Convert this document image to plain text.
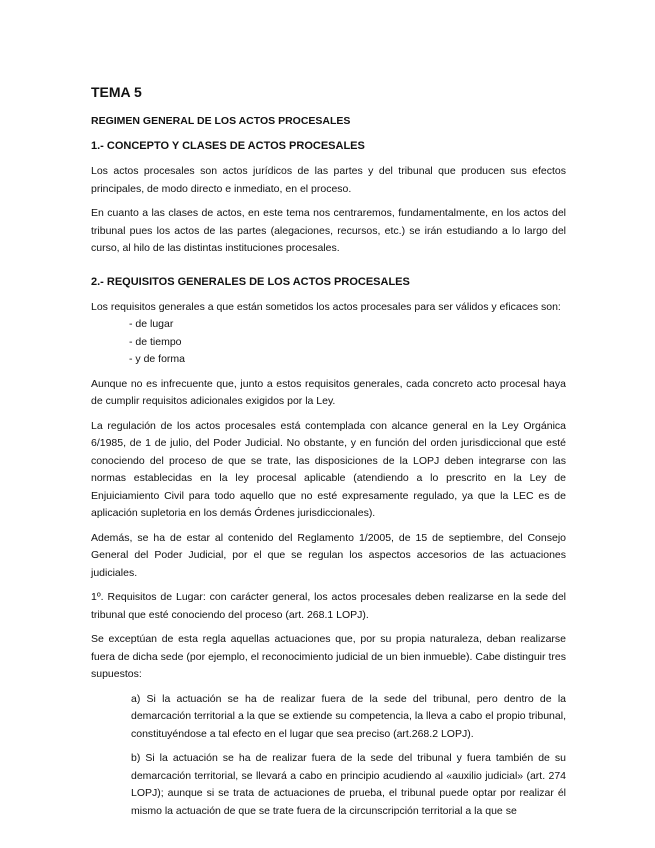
TEMA 5
REGIMEN GENERAL DE LOS ACTOS PROCESALES
1.- CONCEPTO Y CLASES DE ACTOS PROCESALES

Los actos procesales son actos jurídicos de las partes y del tribunal que producen sus efectos principales, de modo directo e inmediato, en el proceso.

En cuanto a las clases de actos, en este tema nos centraremos, fundamentalmente, en los actos del tribunal pues los actos de las partes (alegaciones, recursos, etc.) se irán estudiando a lo largo del curso, al hilo de las distintas instituciones procesales.

2.- REQUISITOS GENERALES DE LOS ACTOS PROCESALES

Los requisitos generales a que están sometidos los actos procesales para ser válidos y eficaces son:

- de lugar
- de tiempo
- y de forma

Aunque no es infrecuente que, junto a estos requisitos generales, cada concreto acto procesal haya de cumplir requisitos adicionales exigidos por la Ley.

La regulación de los actos procesales está contemplada con alcance general en la Ley Orgánica 6/1985, de 1 de julio, del Poder Judicial. No obstante, y en función del orden jurisdiccional que esté conociendo del proceso de que se trate, las disposiciones de la LOPJ deben integrarse con las normas establecidas en la ley procesal aplicable (atendiendo a lo prescrito en la Ley de Enjuiciamiento Civil para todo aquello que no esté expresamente regulado, ya que la LEC es de aplicación supletoria en los demás Órdenes jurisdiccionales).

Además, se ha de estar al contenido del Reglamento 1/2005, de 15 de septiembre, del Consejo General del Poder Judicial, por el que se regulan los aspectos accesorios de las actuaciones judiciales.

1º. Requisitos de Lugar: con carácter general, los actos procesales deben realizarse en la sede del tribunal que esté conociendo del proceso (art. 268.1 LOPJ).

Se exceptúan de esta regla aquellas actuaciones que, por su propia naturaleza, deban realizarse fuera de dicha sede (por ejemplo, el reconocimiento judicial de un bien inmueble). Cabe distinguir tres supuestos:

a) Si la actuación se ha de realizar fuera de la sede del tribunal, pero dentro de la demarcación territorial a la que se extiende su competencia, la lleva a cabo el propio tribunal, constituyéndose a tal efecto en el lugar que sea preciso (art.268.2 LOPJ).

b) Si la actuación se ha de realizar fuera de la sede del tribunal y fuera también de su demarcación territorial, se llevará a cabo en principio acudiendo al «auxilio judicial» (art. 274 LOPJ); aunque si se trata de actuaciones de prueba, el tribunal puede optar por realizar él mismo la actuación de que se trate fuera de la circunscripción territorial a la que se
